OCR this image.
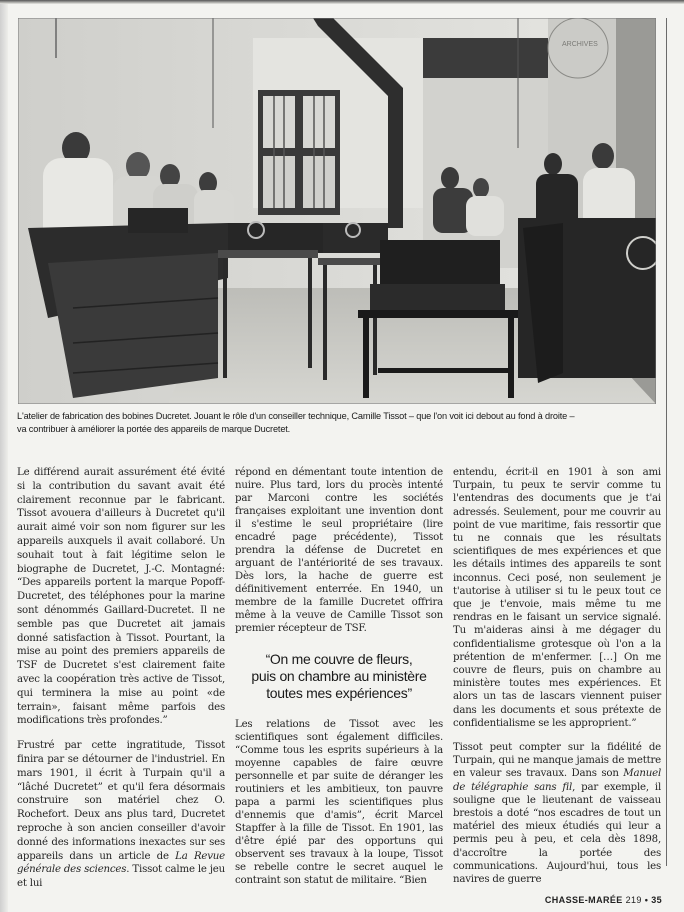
ARCHIVES
L'atelier de fabrication des bobines Ducretet. Jouant le rôle d'un conseiller technique, Camille Tissot – que l'on voit ici debout au fond à droite –
va contribuer à améliorer la portée des appareils de marque Ducretet.

Le différend aurait assurément été évité si la contribution du savant avait été clairement reconnue par le fabricant. Tissot avouera d'ailleurs à Ducretet qu'il aurait aimé voir son nom figurer sur les appareils auxquels il avait collaboré. Un souhait tout à fait légitime selon le biographe de Ducretet, J.-C. Montagné: “Des appareils portent la marque Popoff-Ducretet, des téléphones pour la marine sont dénommés Gaillard-Ducretet. Il ne semble pas que Ducretet ait jamais donné satisfaction à Tissot. Pourtant, la mise au point des premiers appareils de TSF de Ducretet s'est clairement faite avec la coopération très active de Tissot, qui terminera la mise au point «de terrain», faisant même parfois des modifications très profondes.”

Frustré par cette ingratitude, Tissot finira par se détourner de l'industriel. En mars 1901, il écrit à Turpain qu'il a “lâché Ducretet” et qu'il fera désormais construire son matériel chez O. Rochefort. Deux ans plus tard, Ducretet reproche à son ancien conseiller d'avoir donné des informations inexactes sur ses appareils dans un article de La Revue générale des sciences. Tissot calme le jeu et lui

répond en démentant toute intention de nuire. Plus tard, lors du procès intenté par Marconi contre les sociétés françaises exploitant une invention dont il s'estime le seul propriétaire (lire encadré page précédente), Tissot prendra la défense de Ducretet en arguant de l'antériorité de ses travaux. Dès lors, la hache de guerre est définitivement enterrée. En 1940, un membre de la famille Ducretet offrira même à la veuve de Camille Tissot son premier récepteur de TSF.

“On me couvre de fleurs,
puis on chambre au ministère
toutes mes expériences”

Les relations de Tissot avec les scientifiques sont également difficiles. “Comme tous les esprits supérieurs à la moyenne capables de faire œuvre personnelle et par suite de déranger les routiniers et les ambitieux, ton pauvre papa a parmi les scientifiques plus d'ennemis que d'amis”, écrit Marcel Stapffer à la fille de Tissot. En 1901, las d'être épié par des opportuns qui observent ses travaux à la loupe, Tissot se rebelle contre le secret auquel le contraint son statut de militaire. “Bien

entendu, écrit-il en 1901 à son ami Turpain, tu peux te servir comme tu l'entendras des documents que je t'ai adressés. Seulement, pour me couvrir au point de vue maritime, fais ressortir que tu ne connais que les résultats scientifiques de mes expériences et que les détails intimes des appareils te sont inconnus. Ceci posé, non seulement je t'autorise à utiliser si tu le peux tout ce que je t'envoie, mais même tu me rendras en le faisant un service signalé. Tu m'aideras ainsi à me dégager du confidentialisme grotesque où l'on a la prétention de m'enfermer. […] On me couvre de fleurs, puis on chambre au ministère toutes mes expériences. Et alors un tas de lascars viennent puiser dans les documents et sous prétexte de confidentialisme se les approprient.”

Tissot peut compter sur la fidélité de Turpain, qui ne manque jamais de mettre en valeur ses travaux. Dans son Manuel de télégraphie sans fil, par exemple, il souligne que le lieutenant de vaisseau brestois a doté “nos escadres de tout un matériel des mieux étudiés qui leur a permis peu à peu, et cela dès 1898, d'accroître la portée des communications. Aujourd'hui, tous les navires de guerre

CHASSE-MARÉE 219 • 35
